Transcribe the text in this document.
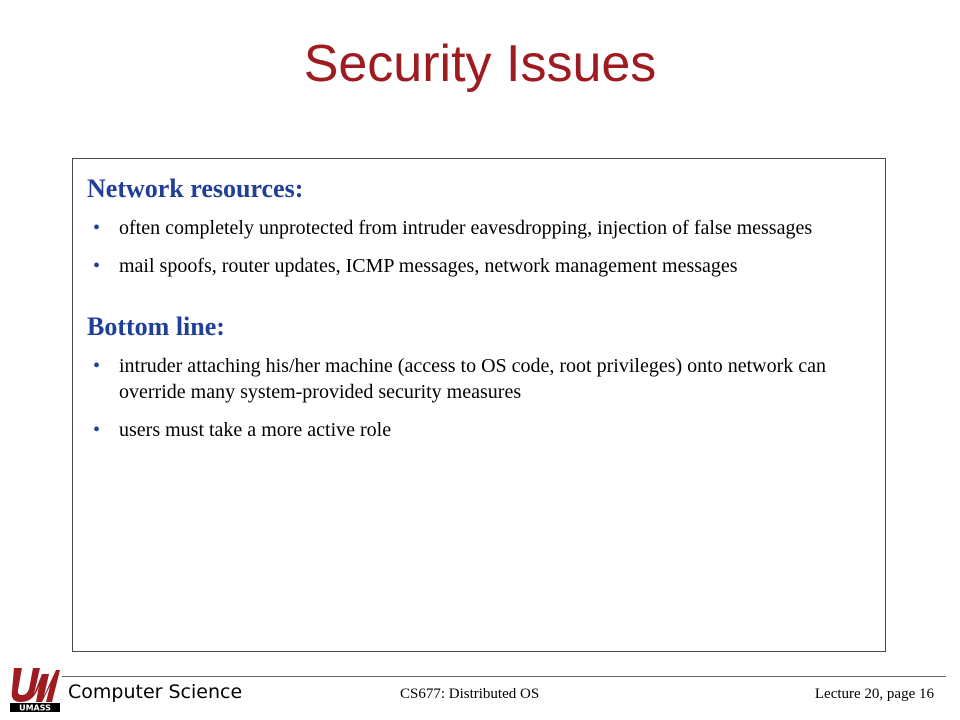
Security Issues
Network resources:
• often completely unprotected from intruder eavesdropping, injection of false messages
• mail spoofs, router updates, ICMP messages, network management messages
Bottom line:
• intruder attaching his/her machine (access to OS code, root privileges) onto network can override many system-provided security measures
• users must take a more active role
UMASS
Computer Science	CS677: Distributed OS	Lecture 20, page 16
